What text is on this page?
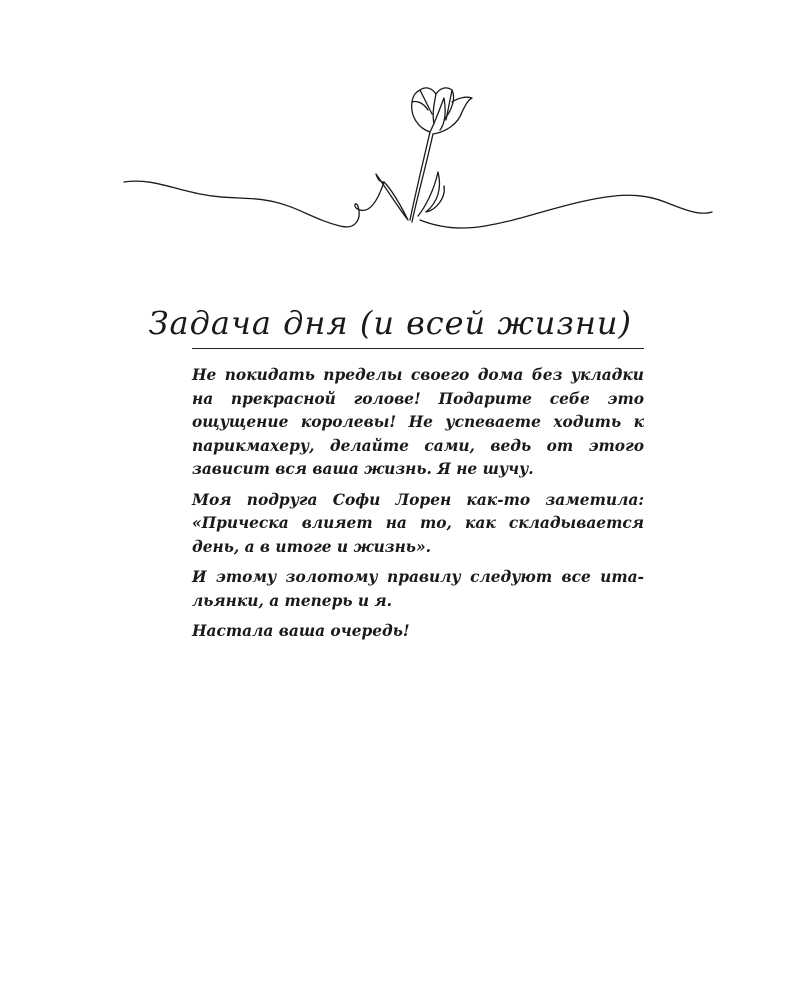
Задача дня (и всей жизни)

Не покидать пределы своего дома без укладки на прекрасной голове! Подарите себе это ощущение королевы! Не успеваете ходить к парикмахеру, делайте сами, ведь от этого зависит вся ваша жизнь. Я не шучу.

Моя подруга Софи Лорен как-то заметила: «Прическа влияет на то, как складывается день, а в итоге и жизнь».

И этому золотому правилу следуют все итальянки, а теперь и я.

Настала ваша очередь!
